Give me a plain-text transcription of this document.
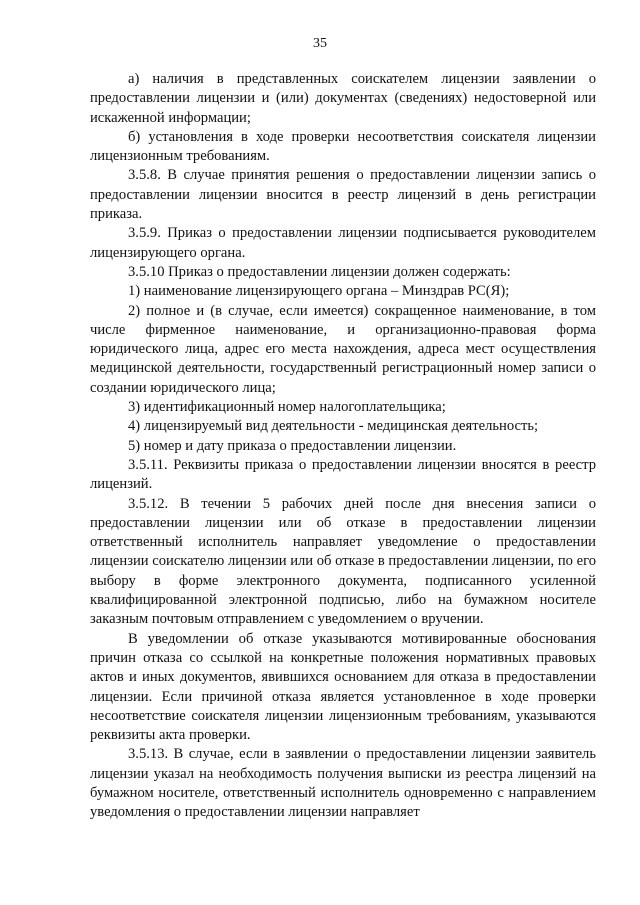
35

а) наличия в представленных соискателем лицензии заявлении о предоставлении лицензии и (или) документах (сведениях) недостоверной или искаженной информации;

б) установления в ходе проверки несоответствия соискателя лицензии лицензионным требованиям.

3.5.8. В случае принятия решения о предоставлении лицензии запись о предоставлении лицензии вносится в реестр лицензий в день регистрации приказа.

3.5.9. Приказ о предоставлении лицензии подписывается руководителем лицензирующего органа.

3.5.10 Приказ о предоставлении лицензии должен содержать:

1) наименование лицензирующего органа – Минздрав РС(Я);

2) полное и (в случае, если имеется) сокращенное наименование, в том числе фирменное наименование, и организационно-правовая форма юридического лица, адрес его места нахождения, адреса мест осуществления медицинской деятельности, государственный регистрационный номер записи о создании юридического лица;

3) идентификационный номер налогоплательщика;

4) лицензируемый вид деятельности - медицинская деятельность;

5) номер и дату приказа о предоставлении лицензии.

3.5.11. Реквизиты приказа о предоставлении лицензии вносятся в реестр лицензий.

3.5.12. В течении 5 рабочих дней после дня внесения записи о предоставлении лицензии или об отказе в предоставлении лицензии ответственный исполнитель направляет уведомление о предоставлении лицензии соискателю лицензии или об отказе в предоставлении лицензии, по его выбору в форме электронного документа, подписанного усиленной квалифицированной электронной подписью, либо на бумажном носителе заказным почтовым отправлением с уведомлением о вручении.

В уведомлении об отказе указываются мотивированные обоснования причин отказа со ссылкой на конкретные положения нормативных правовых актов и иных документов, явившихся основанием для отказа в предоставлении лицензии. Если причиной отказа является установленное в ходе проверки несоответствие соискателя лицензии лицензионным требованиям, указываются реквизиты акта проверки.

3.5.13. В случае, если в заявлении о предоставлении лицензии заявитель лицензии указал на необходимость получения выписки из реестра лицензий на бумажном носителе, ответственный исполнитель одновременно с направлением уведомления о предоставлении лицензии направляет
